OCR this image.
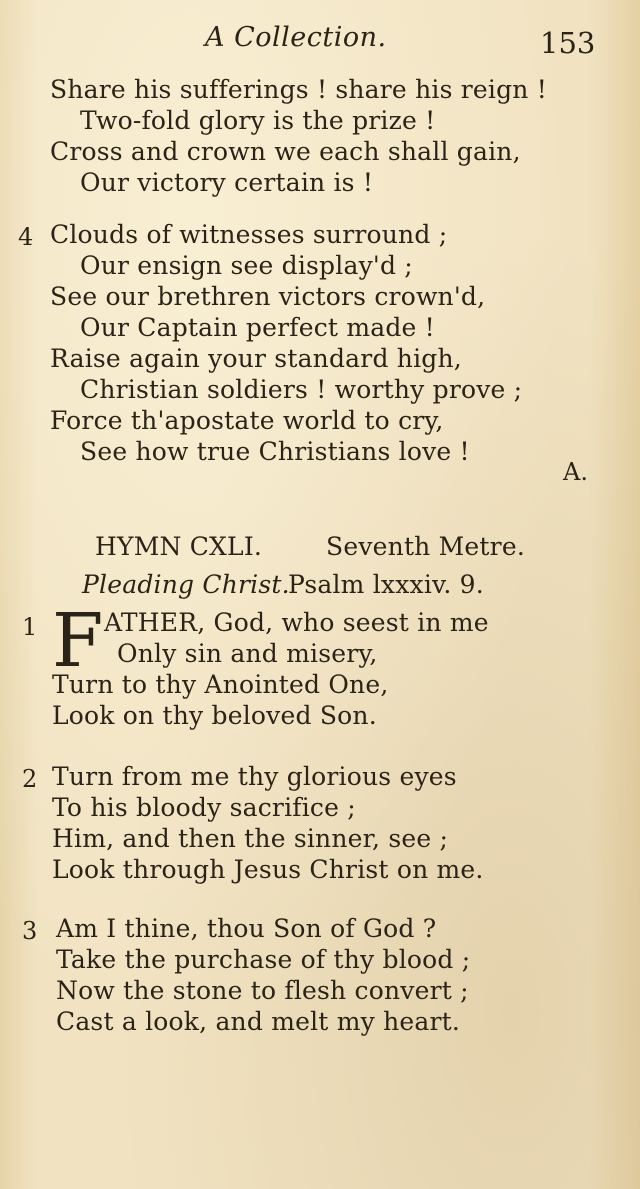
A Collection.	153
Share his sufferings ! share his reign !
Two-fold glory is the prize !
Cross and crown we each shall gain,
Our victory certain is !
4 Clouds of witnesses surround ;
Our ensign see display'd ;
See our brethren victors crown'd,
Our Captain perfect made !
Raise again your standard high,
Christian soldiers ! worthy prove ;
Force th'apostate world to cry,
See how true Christians love !
A.
HYMN CXLI.	Seventh Metre.
Pleading Christ.
Psalm lxxxiv. 9.
1 F ATHER, God, who seest in me
Only sin and misery,
Turn to thy Anointed One,
Look on thy beloved Son.
2 Turn from me thy glorious eyes
To his bloody sacrifice ;
Him, and then the sinner, see ;
Look through Jesus Christ on me.
3 Am I thine, thou Son of God ?
Take the purchase of thy blood ;
Now the stone to flesh convert ;
Cast a look, and melt my heart.
